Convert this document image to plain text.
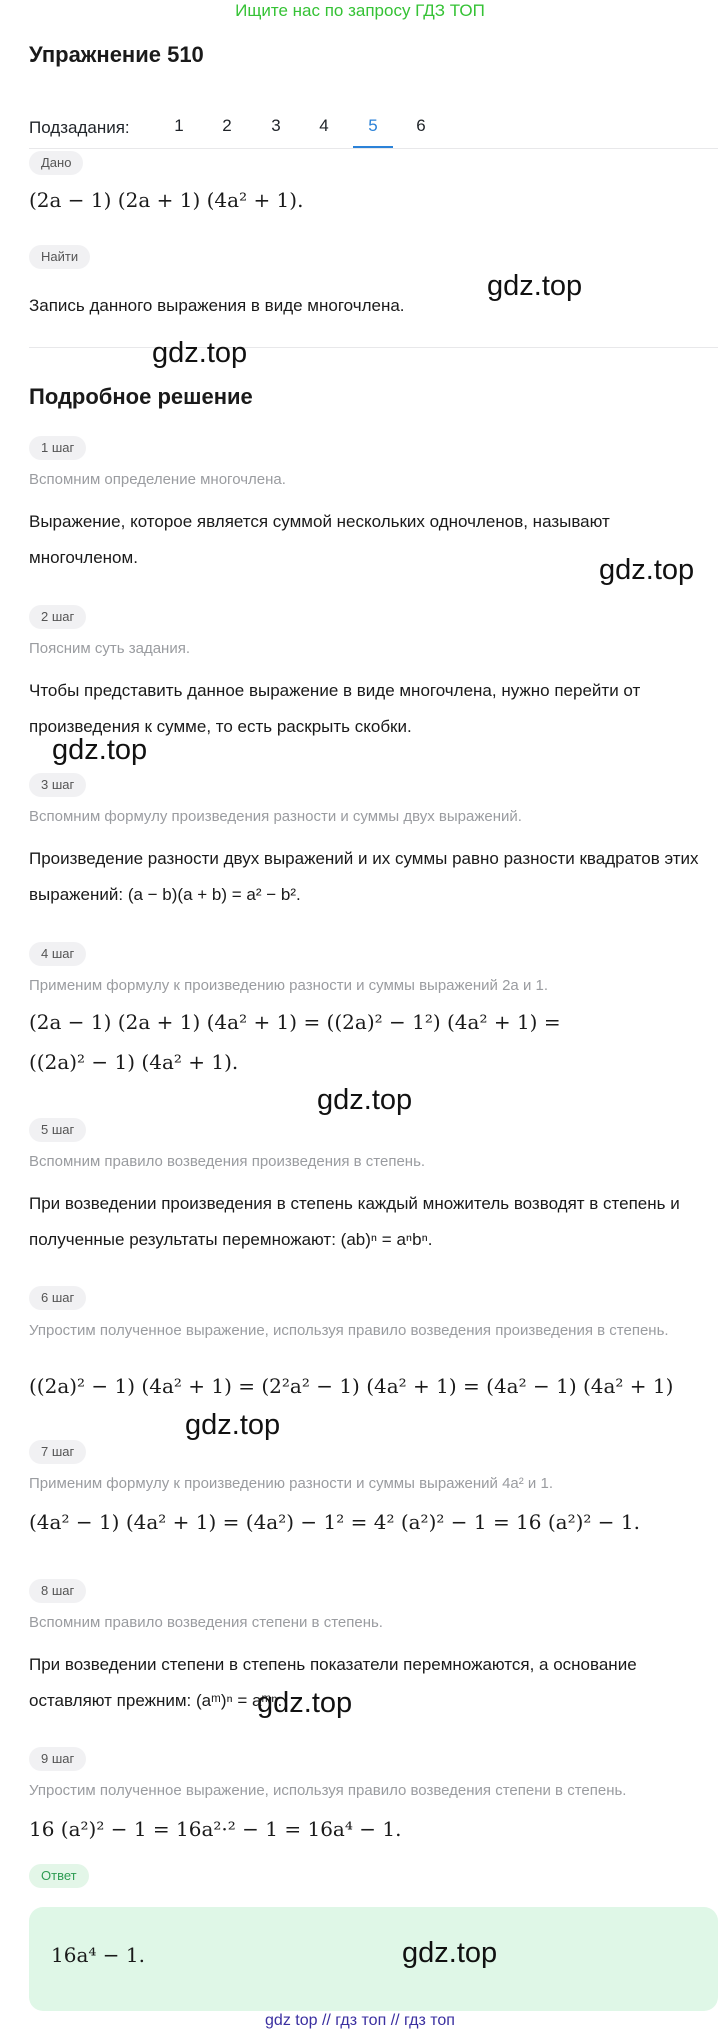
Ищите нас по запросу ГДЗ ТОП
Упражнение 510
Подзадания:	1	2	3	4	5	6
Дано
(2a − 1) (2a + 1) (4a² + 1).
Найти
Запись данного выражения в виде многочлена.
Подробное решение
1 шаг
Вспомним определение многочлена.
Выражение, которое является суммой нескольких одночленов, называют многочленом.
2 шаг
Поясним суть задания.
Чтобы представить данное выражение в виде многочлена, нужно перейти от произведения к сумме, то есть раскрыть скобки.
3 шаг
Вспомним формулу произведения разности и суммы двух выражений.
Произведение разности двух выражений и их суммы равно разности квадратов этих выражений: (a − b)(a + b) = a² − b².
4 шаг
Применим формулу к произведению разности и суммы выражений 2a и 1.
(2a − 1) (2a + 1) (4a² + 1) = ((2a)² − 1²) (4a² + 1) =
((2a)² − 1) (4a² + 1).
5 шаг
Вспомним правило возведения произведения в степень.
При возведении произведения в степень каждый множитель возводят в степень и полученные результаты перемножают: (ab)ⁿ = aⁿbⁿ.
6 шаг
Упростим полученное выражение, используя правило возведения произведения в степень.
((2a)² − 1) (4a² + 1) = (2²a² − 1) (4a² + 1) = (4a² − 1) (4a² + 1)
7 шаг
Применим формулу к произведению разности и суммы выражений 4a² и 1.
(4a² − 1) (4a² + 1) = (4a²) − 1² = 4² (a²)² − 1 = 16 (a²)² − 1.
8 шаг
Вспомним правило возведения степени в степень.
При возведении степени в степень показатели перемножаются, а основание оставляют прежним: (aᵐ)ⁿ = aᵐⁿ.
9 шаг
Упростим полученное выражение, используя правило возведения степени в степень.
16 (a²)² − 1 = 16a²·² − 1 = 16a⁴ − 1.
Ответ
16a⁴ − 1.
gdz.top
gdz.top
gdz.top
gdz.top
gdz.top
gdz.top
gdz.top
gdz.top
gdz top // гдз топ // гдз топ
